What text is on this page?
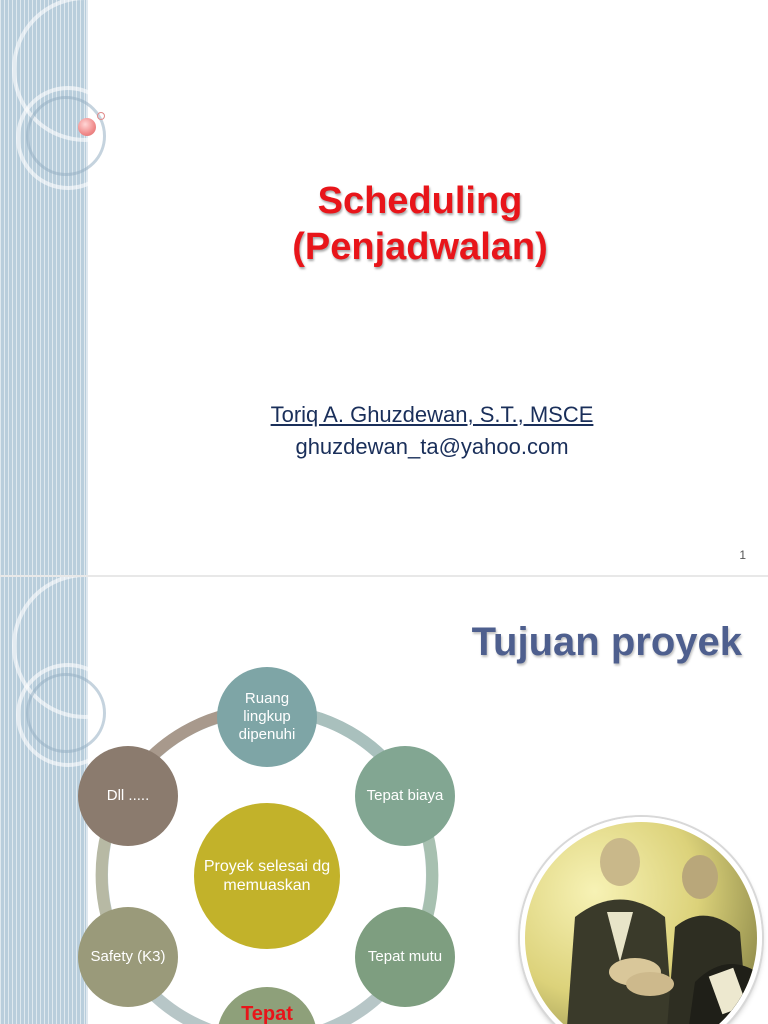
Scheduling
(Penjadwalan)
Toriq A. Ghuzdewan, S.T., MSCE
ghuzdewan_ta@yahoo.com
1
Tujuan proyek
Ruang lingkup dipenuhi
Tepat biaya
Tepat mutu
Tepat
Safety (K3)
Dll .....
Proyek selesai dg memuaskan
